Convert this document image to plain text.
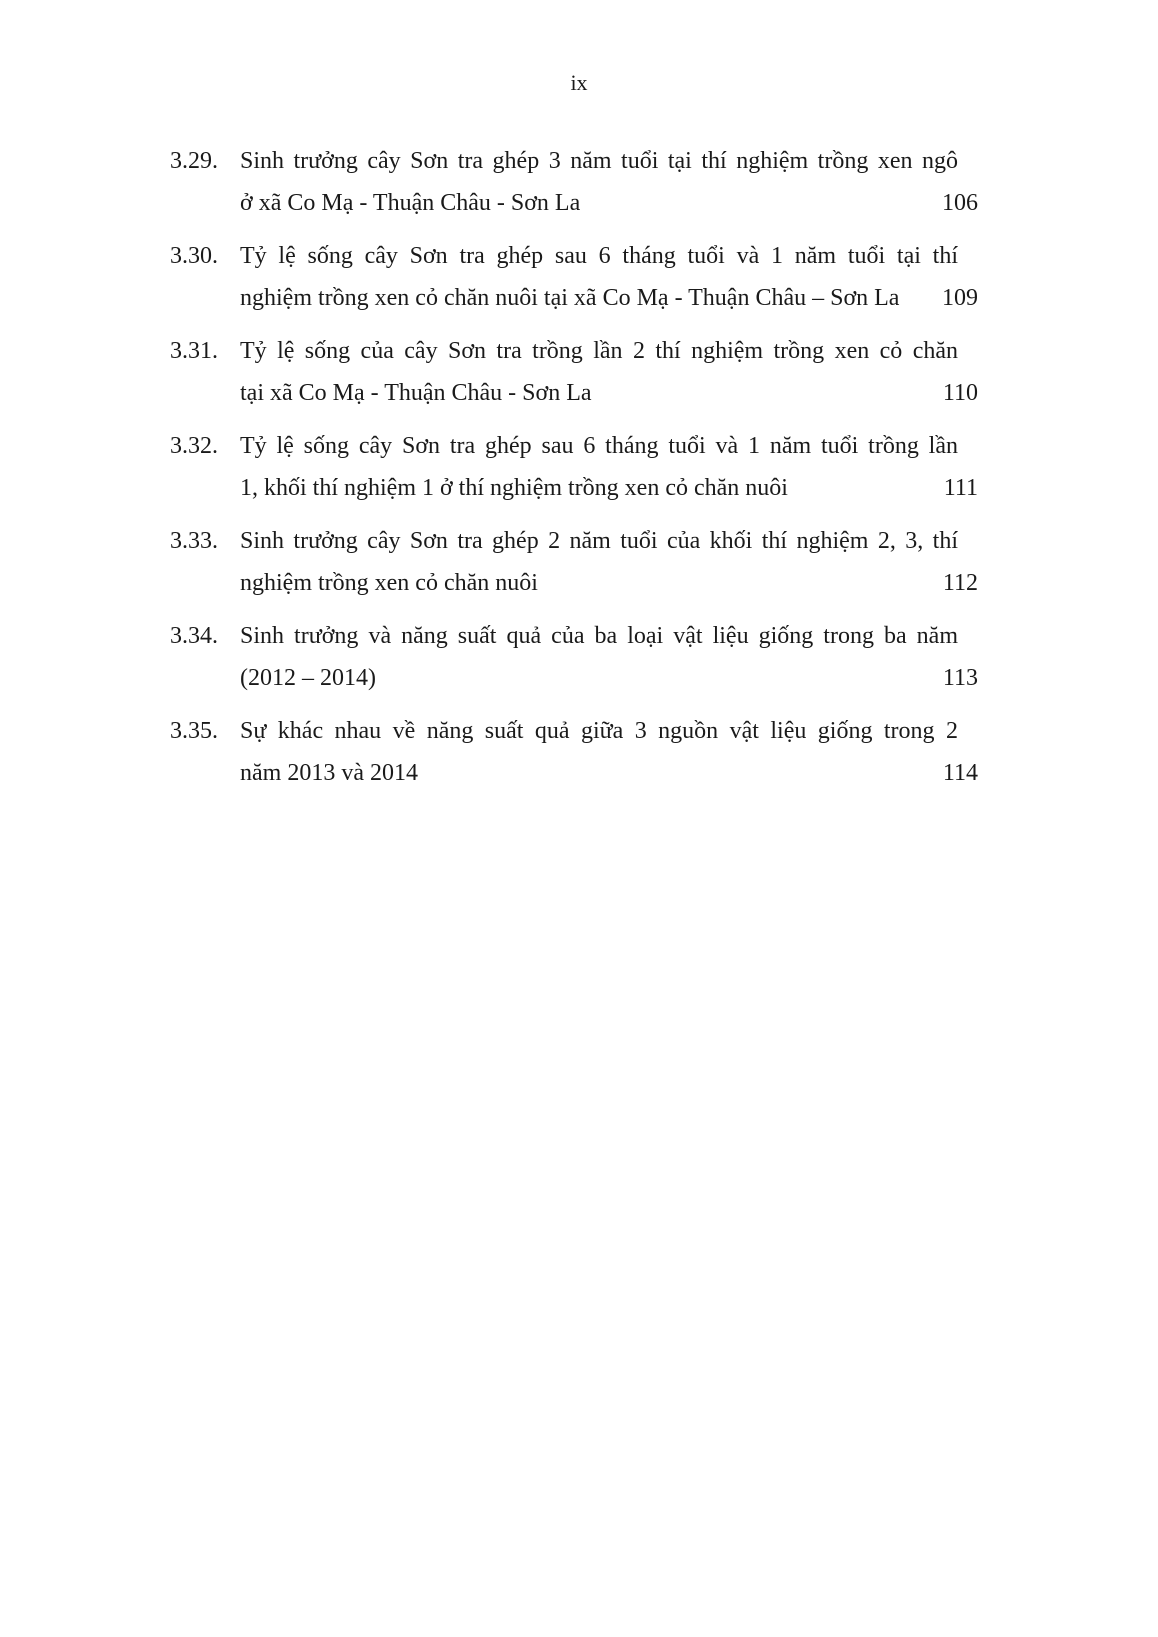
ix
3.29. Sinh trưởng cây Sơn tra ghép 3 năm tuổi tại thí nghiệm trồng xen ngô
ở xã Co Mạ - Thuận Châu - Sơn La	106
3.30. Tỷ lệ sống cây Sơn tra ghép sau 6 tháng tuổi và 1 năm tuổi tại thí
nghiệm trồng xen cỏ chăn nuôi tại xã Co Mạ - Thuận Châu – Sơn La	109
3.31. Tỷ lệ sống của cây Sơn tra trồng lần 2 thí nghiệm trồng xen cỏ chăn
tại xã Co Mạ - Thuận Châu - Sơn La	110
3.32. Tỷ lệ sống cây Sơn tra ghép sau 6 tháng tuổi và 1 năm tuổi trồng lần
1, khối thí nghiệm 1 ở thí nghiệm trồng xen cỏ chăn nuôi	111
3.33. Sinh trưởng cây Sơn tra ghép 2 năm tuổi của khối thí nghiệm 2, 3, thí
nghiệm trồng xen cỏ chăn nuôi	112
3.34. Sinh trưởng và năng suất quả của ba loại vật liệu giống trong ba năm
(2012 – 2014)	113
3.35. Sự khác nhau về năng suất quả giữa 3 nguồn vật liệu giống trong 2
năm 2013 và 2014	114
